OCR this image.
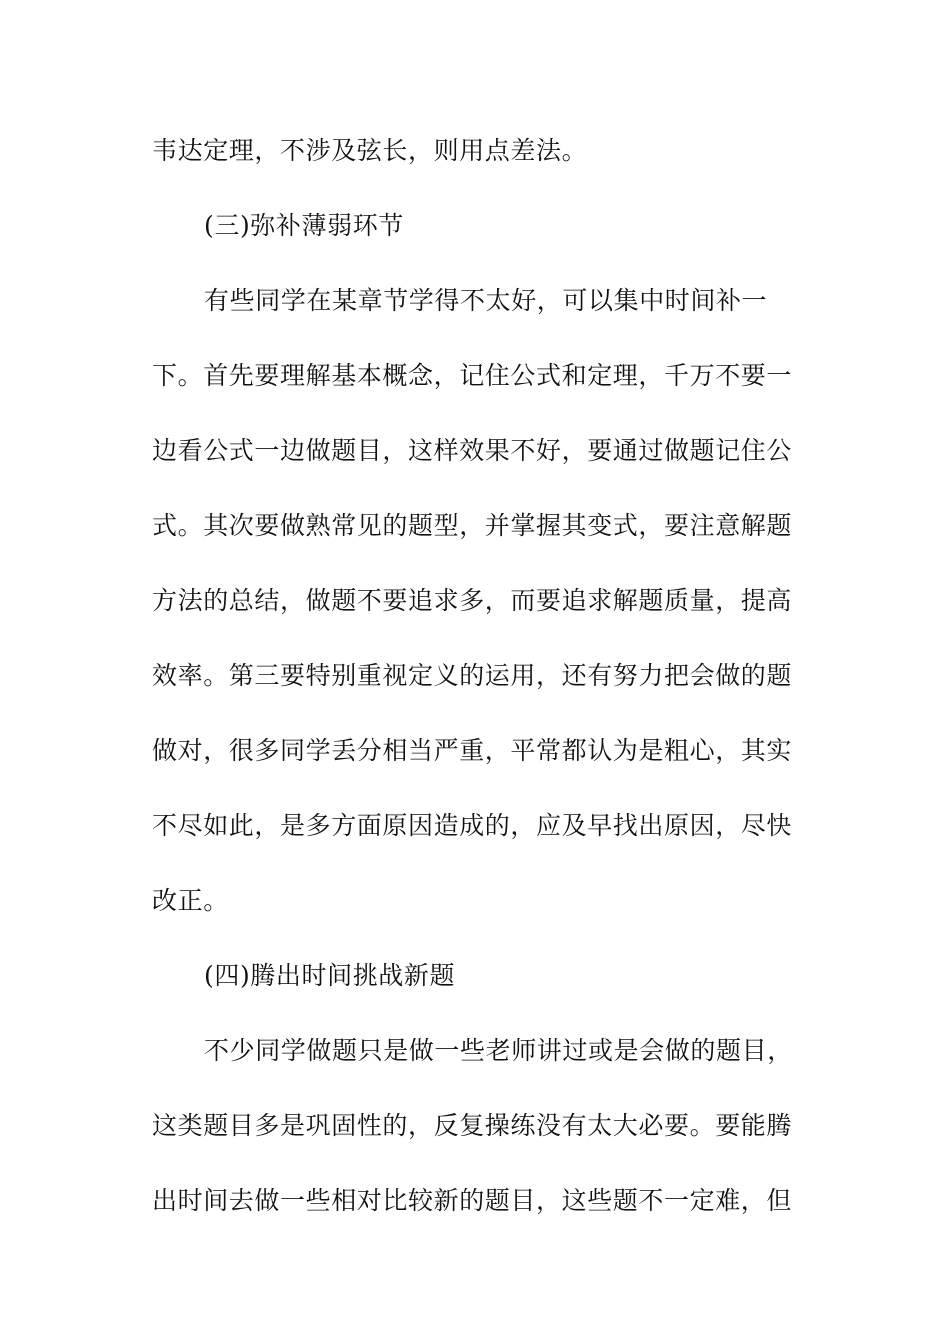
韦达定理，不涉及弦长，则用点差法。
(三)弥补薄弱环节
有些同学在某章节学得不太好，可以集中时间补一
下。首先要理解基本概念，记住公式和定理，千万不要一
边看公式一边做题目，这样效果不好，要通过做题记住公
式。其次要做熟常见的题型，并掌握其变式，要注意解题
方法的总结，做题不要追求多，而要追求解题质量，提高
效率。第三要特别重视定义的运用，还有努力把会做的题
做对，很多同学丢分相当严重，平常都认为是粗心，其实
不尽如此，是多方面原因造成的，应及早找出原因，尽快
改正。
(四)腾出时间挑战新题
不少同学做题只是做一些老师讲过或是会做的题目，
这类题目多是巩固性的，反复操练没有太大必要。要能腾
出时间去做一些相对比较新的题目，这些题不一定难，但
